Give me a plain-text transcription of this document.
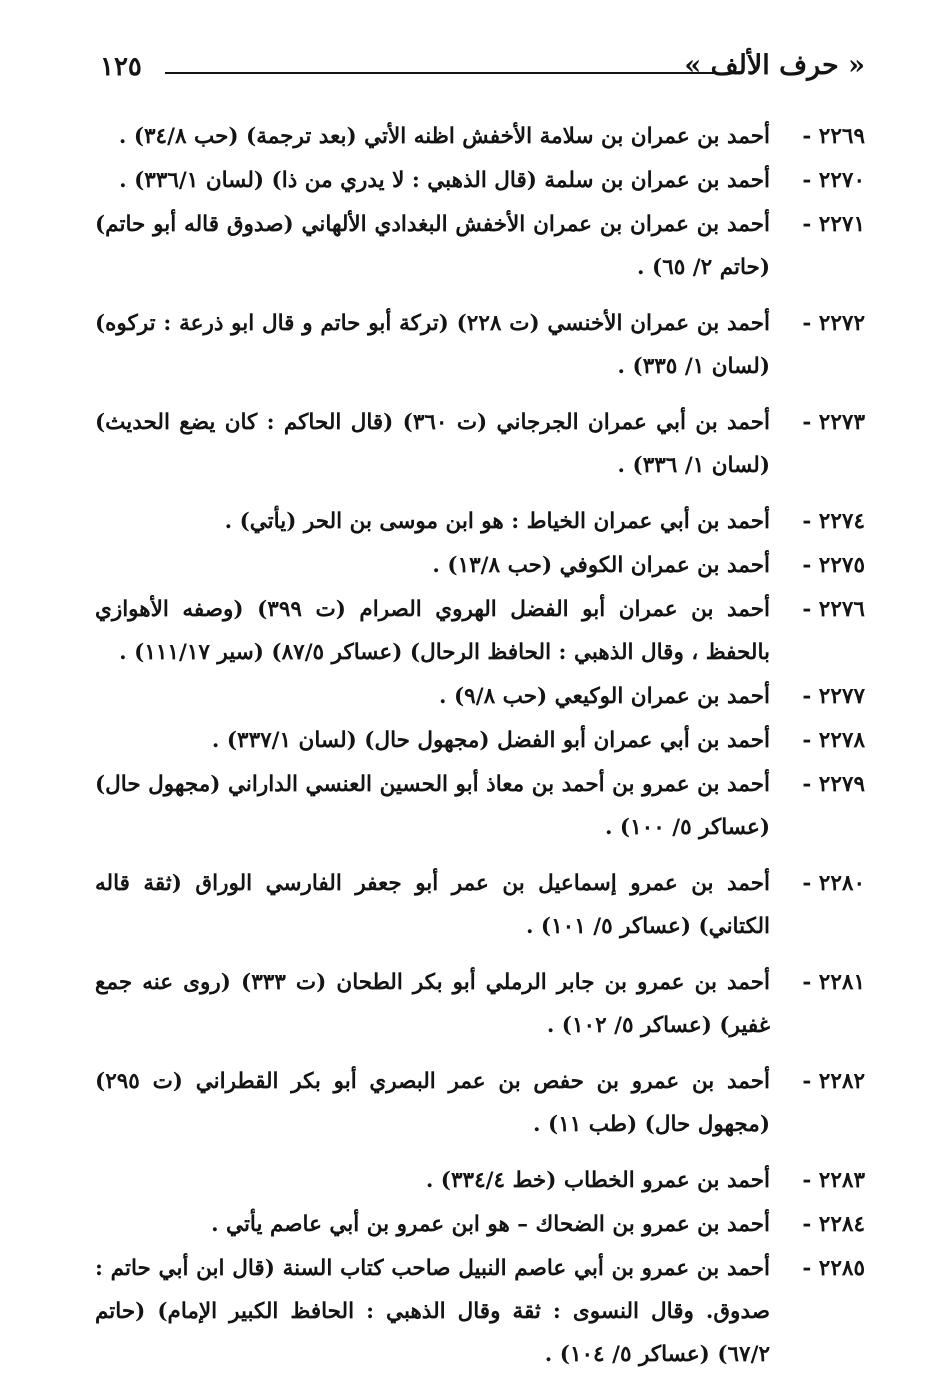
« حرف الألف »
١٢٥
٢٢٦٩ -أحمد بن عمران بن سلامة الأخفش اظنه الأتي (بعد ترجمة) (حب ٣٤/٨) .
٢٢٧٠ -أحمد بن عمران بن سلمة (قال الذهبي : لا يدري من ذا) (لسان ٣٣٦/١) .
٢٢٧١ -أحمد بن عمران بن عمران الأخفش البغدادي الألهاني (صدوق قاله أبو حاتم) (حاتم ٢/ ٦٥) .
٢٢٧٢ -أحمد بن عمران الأخنسي (ت ٢٢٨) (تركة أبو حاتم و قال ابو ذرعة : تركوه) (لسان ١/ ٣٣٥) .
٢٢٧٣ -أحمد بن أبي عمران الجرجاني (ت ٣٦٠) (قال الحاكم : كان يضع الحديث) (لسان ١/ ٣٣٦) .
٢٢٧٤ -أحمد بن أبي عمران الخياط : هو ابن موسى بن الحر (يأتي) .
٢٢٧٥ -أحمد بن عمران الكوفي (حب ١٣/٨) .
٢٢٧٦ -أحمد بن عمران أبو الفضل الهروي الصرام (ت ٣٩٩) (وصفه الأهوازي بالحفظ ، وقال الذهبي : الحافظ الرحال) (عساكر ٨٧/٥) (سير ١١١/١٧) .
٢٢٧٧ -أحمد بن عمران الوكيعي (حب ٩/٨) .
٢٢٧٨ -أحمد بن أبي عمران أبو الفضل (مجهول حال) (لسان ٣٣٧/١) .
٢٢٧٩ -أحمد بن عمرو بن أحمد بن معاذ أبو الحسين العنسي الداراني (مجهول حال) (عساكر ٥/ ١٠٠) .
٢٢٨٠ -أحمد بن عمرو إسماعيل بن عمر أبو جعفر الفارسي الوراق (ثقة قاله الكتاني) (عساكر ٥/ ١٠١) .
٢٢٨١ -أحمد بن عمرو بن جابر الرملي أبو بكر الطحان (ت ٣٣٣) (روى عنه جمع غفير) (عساكر ٥/ ١٠٢) .
٢٢٨٢ -أحمد بن عمرو بن حفص بن عمر البصري أبو بكر القطراني (ت ٢٩٥) (مجهول حال) (طب ١١) .
٢٢٨٣ -أحمد بن عمرو الخطاب (خط ٣٣٤/٤) .
٢٢٨٤ -أحمد بن عمرو بن الضحاك – هو ابن عمرو بن أبي عاصم يأتي .
٢٢٨٥ -أحمد بن عمرو بن أبي عاصم النبيل صاحب كتاب السنة (قال ابن أبي حاتم : صدوق. وقال النسوى : ثقة وقال الذهبي : الحافظ الكبير الإمام) (حاتم ٦٧/٢) (عساكر ٥/ ١٠٤) .
